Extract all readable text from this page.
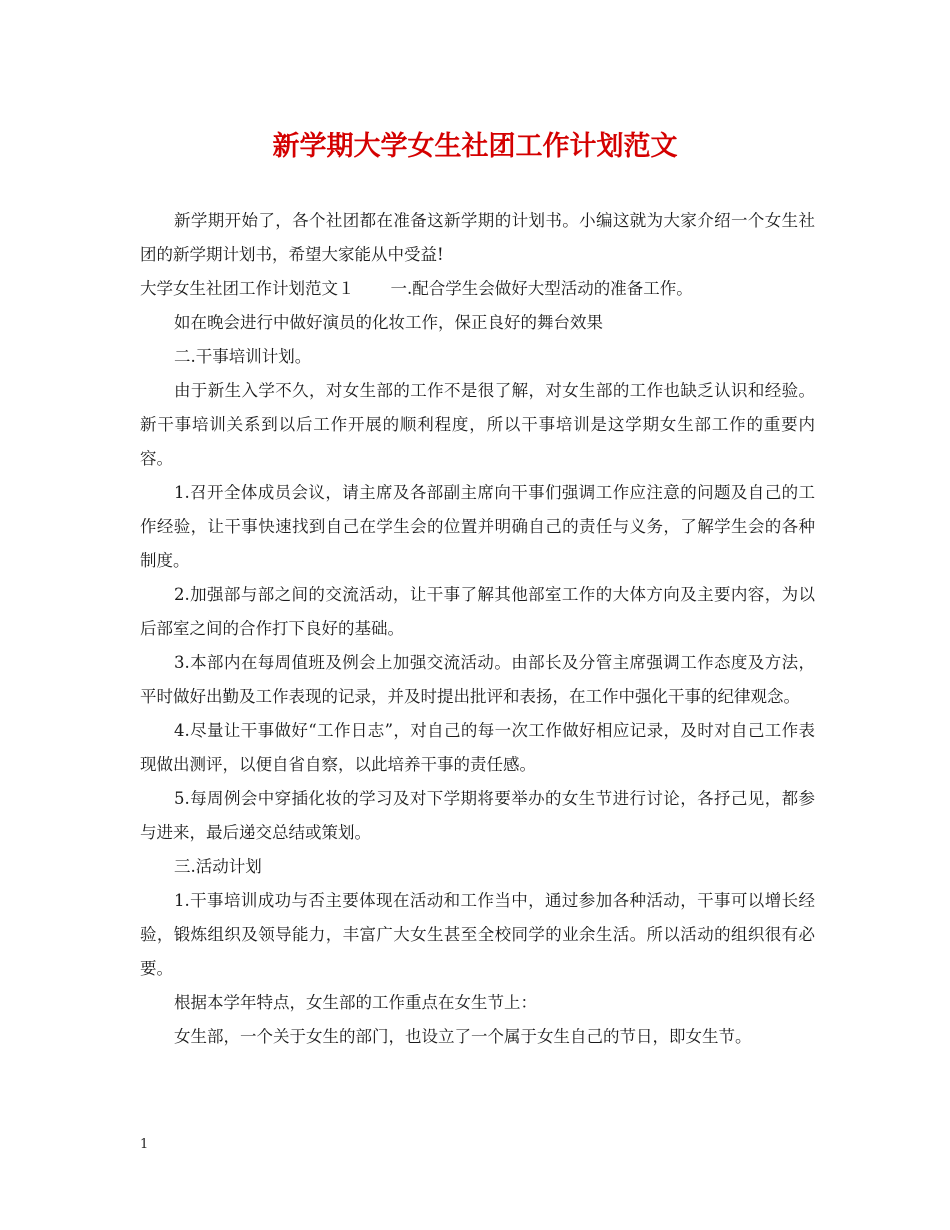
新学期大学女生社团工作计划范文

新学期开始了，各个社团都在准备这新学期的计划书。小编这就为大家介绍一个女生社团的新学期计划书，希望大家能从中受益!

大学女生社团工作计划范文１ 一.配合学生会做好大型活动的准备工作。

如在晚会进行中做好演员的化妆工作，保正良好的舞台效果

二.干事培训计划。

由于新生入学不久，对女生部的工作不是很了解，对女生部的工作也缺乏认识和经验。新干事培训关系到以后工作开展的顺利程度，所以干事培训是这学期女生部工作的重要内容。

1.召开全体成员会议，请主席及各部副主席向干事们强调工作应注意的问题及自己的工作经验，让干事快速找到自己在学生会的位置并明确自己的责任与义务，了解学生会的各种制度。

2.加强部与部之间的交流活动，让干事了解其他部室工作的大体方向及主要内容，为以后部室之间的合作打下良好的基础。

3.本部内在每周值班及例会上加强交流活动。由部长及分管主席强调工作态度及方法，平时做好出勤及工作表现的记录，并及时提出批评和表扬，在工作中强化干事的纪律观念。

4.尽量让干事做好“工作日志”，对自己的每一次工作做好相应记录，及时对自己工作表现做出测评，以便自省自察，以此培养干事的责任感。

5.每周例会中穿插化妆的学习及对下学期将要举办的女生节进行讨论，各抒己见，都参与进来，最后递交总结或策划。

三.活动计划

1.干事培训成功与否主要体现在活动和工作当中，通过参加各种活动，干事可以增长经验，锻炼组织及领导能力，丰富广大女生甚至全校同学的业余生活。所以活动的组织很有必要。

根据本学年特点，女生部的工作重点在女生节上：

女生部，一个关于女生的部门，也设立了一个属于女生自己的节日，即女生节。

1
